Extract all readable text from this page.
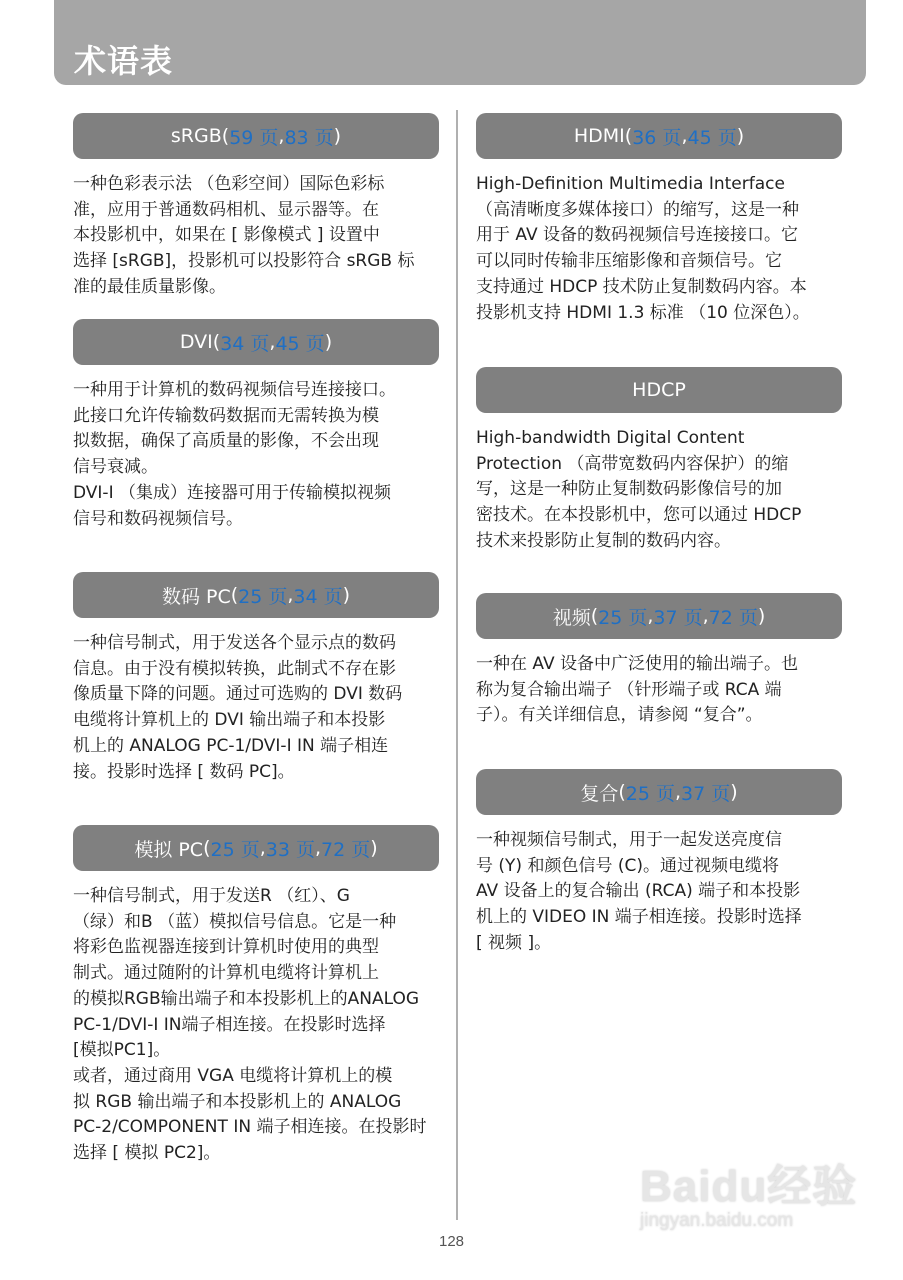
术语表
sRGB ( 59 页 , 83 页 )
一种色彩表示法 （色彩空间）国际色彩标
准，应用于普通数码相机、显示器等。在
本投影机中，如果在 [ 影像模式 ] 设置中
选择 [sRGB]，投影机可以投影符合 sRGB 标
准的最佳质量影像。
DVI ( 34 页 , 45 页 )
一种用于计算机的数码视频信号连接接口。
此接口允许传输数码数据而无需转换为模
拟数据，确保了高质量的影像，不会出现
信号衰减。
DVI-I （集成）连接器可用于传输模拟视频
信号和数码视频信号。
数码 PC ( 25 页 , 34 页 )
一种信号制式，用于发送各个显示点的数码
信息。由于没有模拟转换，此制式不存在影
像质量下降的问题。通过可选购的 DVI 数码
电缆将计算机上的 DVI 输出端子和本投影
机上的 ANALOG PC-1/DVI-I IN 端子相连
接。投影时选择 [ 数码 PC]。
模拟 PC ( 25 页 , 33 页 , 72 页 )
一种信号制式，用于发送R （红）、G
（绿）和B （蓝）模拟信号信息。它是一种
将彩色监视器连接到计算机时使用的典型
制式。通过随附的计算机电缆将计算机上
的模拟RGB输出端子和本投影机上的ANALOG
PC-1/DVI-I IN端子相连接。在投影时选择
[模拟PC1]。
或者，通过商用 VGA 电缆将计算机上的模
拟 RGB 输出端子和本投影机上的 ANALOG
PC-2/COMPONENT IN 端子相连接。在投影时
选择 [ 模拟 PC2]。
HDMI ( 36 页 , 45 页 )
High-Definition Multimedia Interface
（高清晰度多媒体接口）的缩写，这是一种
用于 AV 设备的数码视频信号连接接口。它
可以同时传输非压缩影像和音频信号。它
支持通过 HDCP 技术防止复制数码内容。本
投影机支持 HDMI 1.3 标准 （10 位深色）。
HDCP
High-bandwidth Digital Content
Protection （高带宽数码内容保护）的缩
写，这是一种防止复制数码影像信号的加
密技术。在本投影机中，您可以通过 HDCP
技术来投影防止复制的数码内容。
视频 ( 25 页 , 37 页 , 72 页 )
一种在 AV 设备中广泛使用的输出端子。也
称为复合输出端子 （针形端子或 RCA 端
子）。有关详细信息，请参阅 “复合”。
复合 ( 25 页 , 37 页 )
一种视频信号制式，用于一起发送亮度信
号 (Y) 和颜色信号 (C)。通过视频电缆将
AV 设备上的复合输出 (RCA) 端子和本投影
机上的 VIDEO IN 端子相连接。投影时选择
[ 视频 ]。
128
Baidu经验
jingyan.baidu.com
